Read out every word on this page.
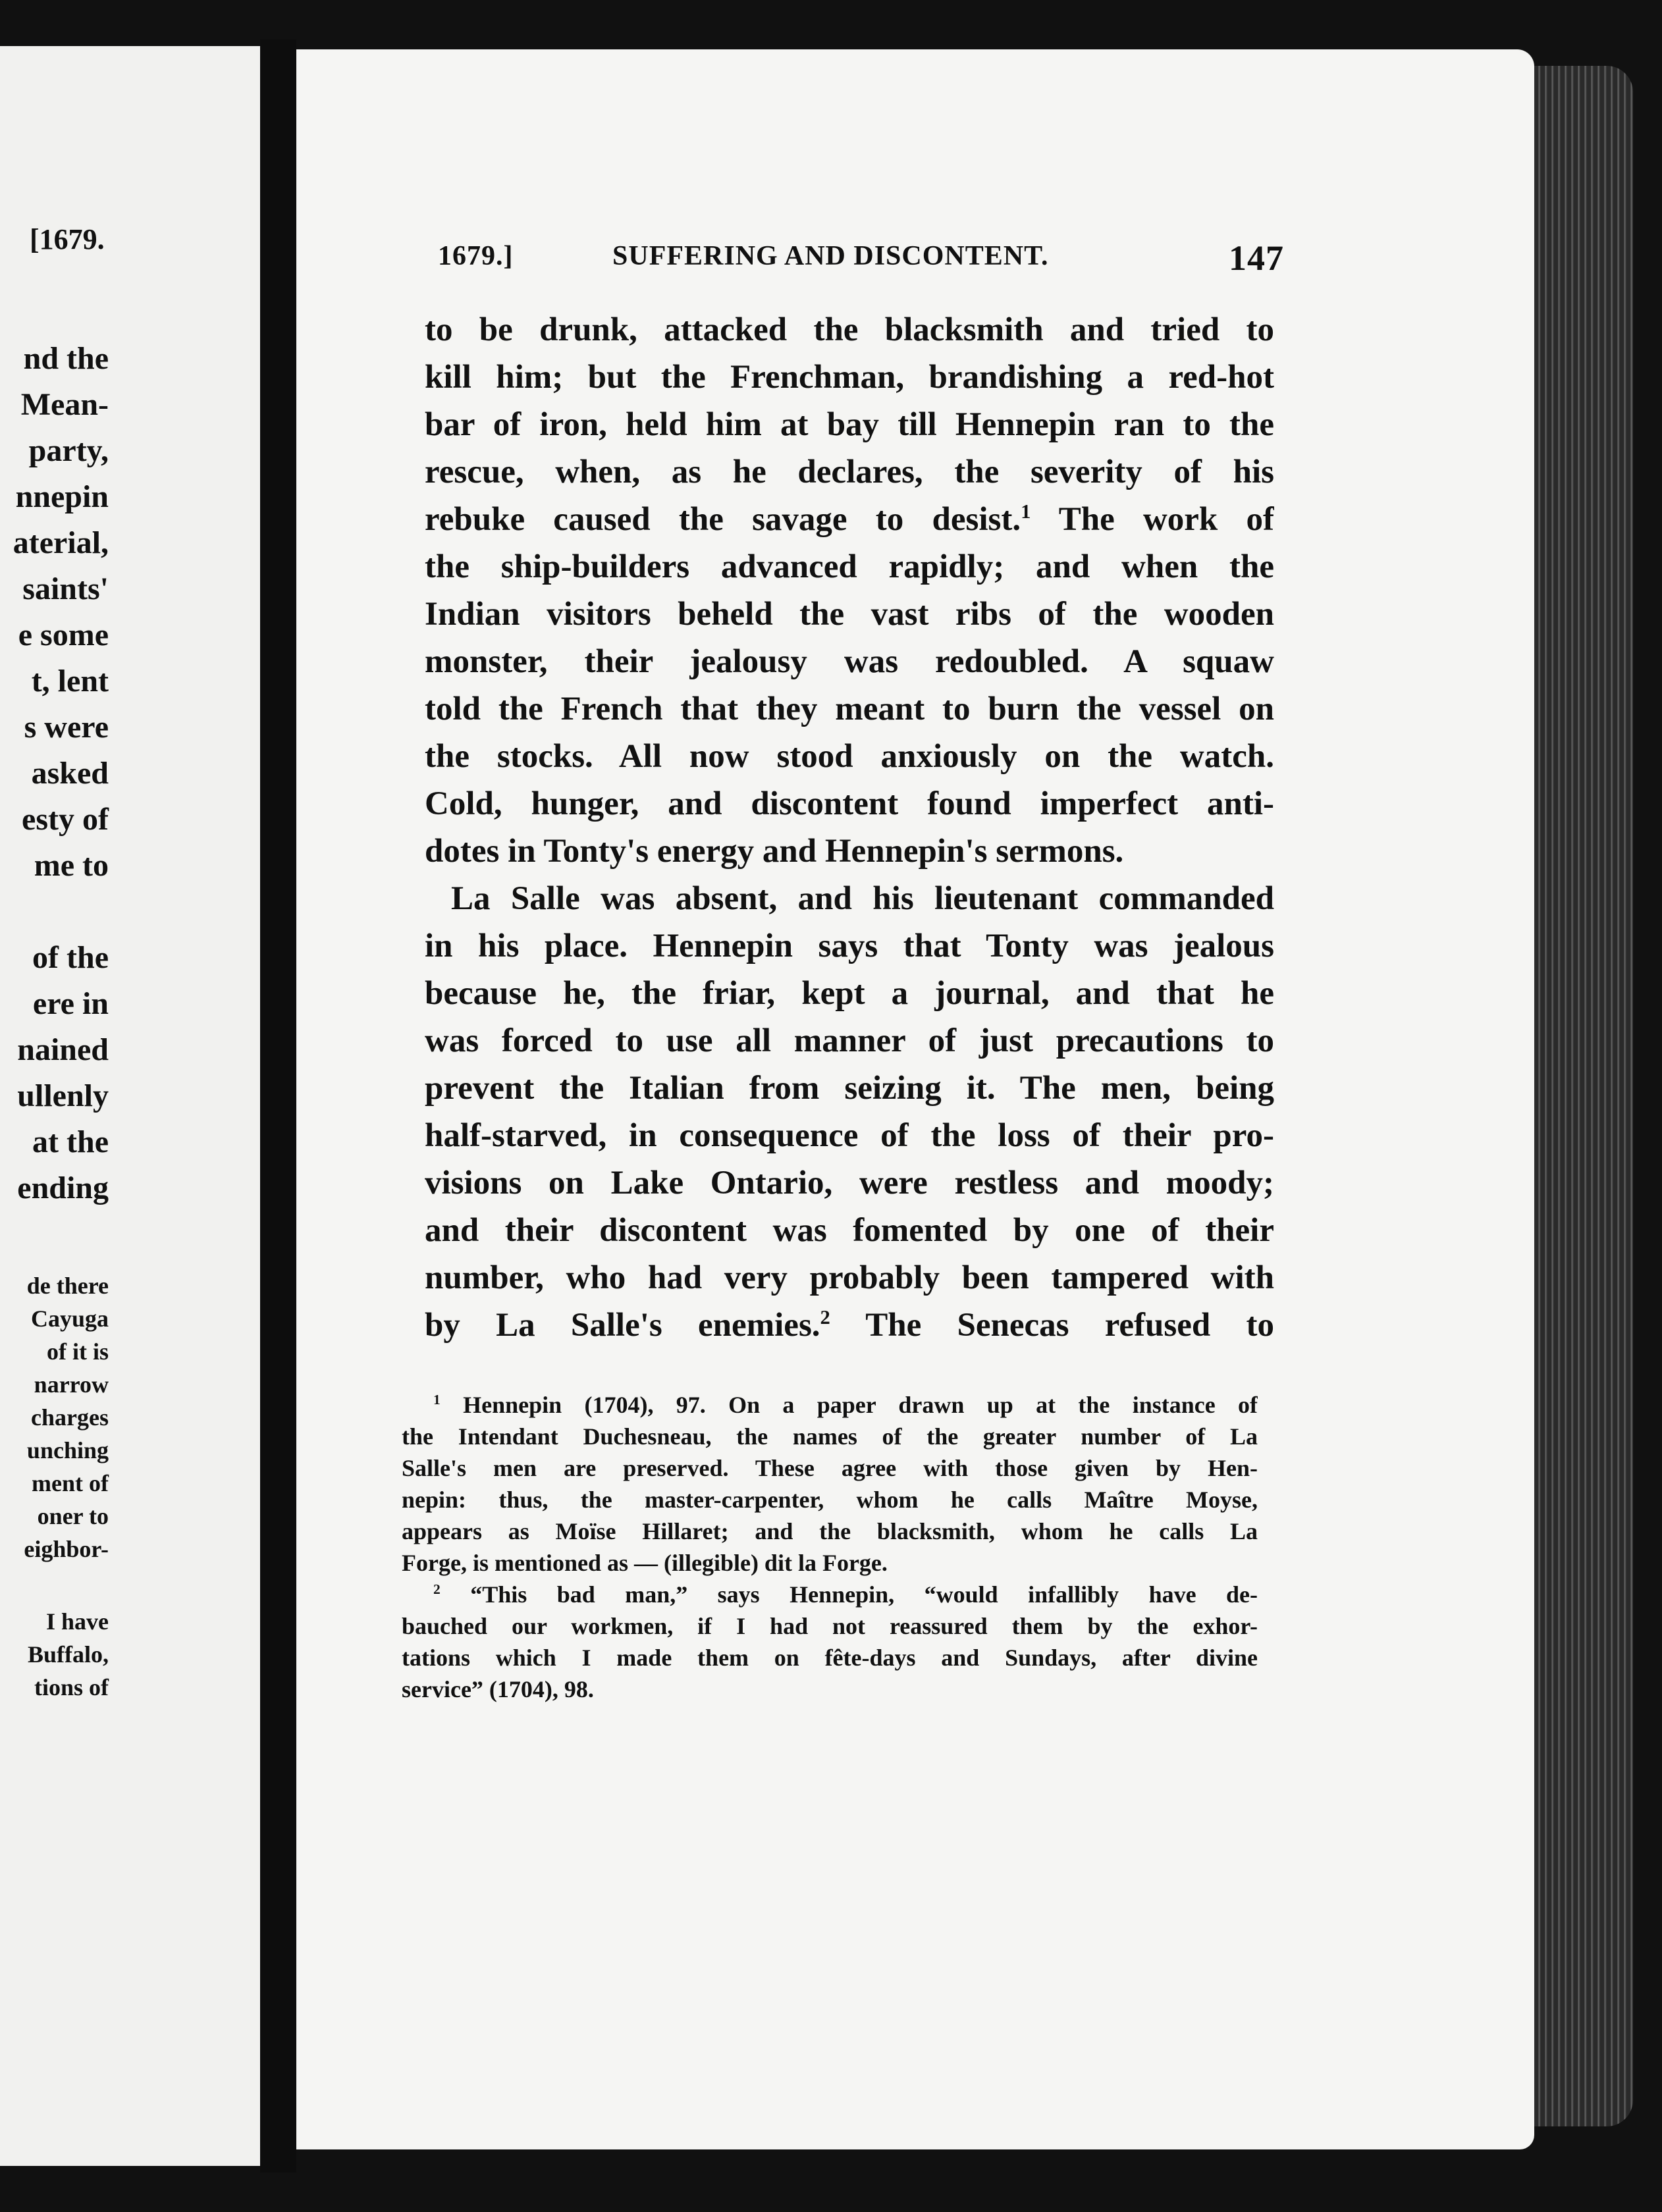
[1679.
nd the
Mean-
party,
nnepin
aterial,
saints'
e some
t, lent
s were
asked
esty of
me to
of the
ere in
nained
ullenly
at the
ending
de there
Cayuga
of it is
narrow
charges
unching
ment of
oner to
eighbor-
I have
Buffalo,
tions of
1679.]	SUFFERING AND DISCONTENT.	147
to be drunk, attacked the blacksmith and tried to
kill him; but the Frenchman, brandishing a red-hot
bar of iron, held him at bay till Hennepin ran to the
rescue, when, as he declares, the severity of his
rebuke caused the savage to desist.$^1$ The work of
the ship-builders advanced rapidly; and when the
Indian visitors beheld the vast ribs of the wooden
monster, their jealousy was redoubled. A squaw
told the French that they meant to burn the vessel on
the stocks. All now stood anxiously on the watch.
Cold, hunger, and discontent found imperfect anti-
dotes in Tonty's energy and Hennepin's sermons.
La Salle was absent, and his lieutenant commanded
in his place. Hennepin says that Tonty was jealous
because he, the friar, kept a journal, and that he
was forced to use all manner of just precautions to
prevent the Italian from seizing it. The men, being
half-starved, in consequence of the loss of their pro-
visions on Lake Ontario, were restless and moody;
and their discontent was fomented by one of their
number, who had very probably been tampered with
by La Salle's enemies.$^2$ The Senecas refused to
$^1$ Hennepin (1704), 97. On a paper drawn up at the instance of
the Intendant Duchesneau, the names of the greater number of La
Salle's men are preserved. These agree with those given by Hen-
nepin: thus, the master-carpenter, whom he calls Maître Moyse,
appears as Moïse Hillaret; and the blacksmith, whom he calls La
Forge, is mentioned as — (illegible) dit la Forge.
$^2$ “This bad man,” says Hennepin, “would infallibly have de-
bauched our workmen, if I had not reassured them by the exhor-
tations which I made them on fête-days and Sundays, after divine
service” (1704), 98.
